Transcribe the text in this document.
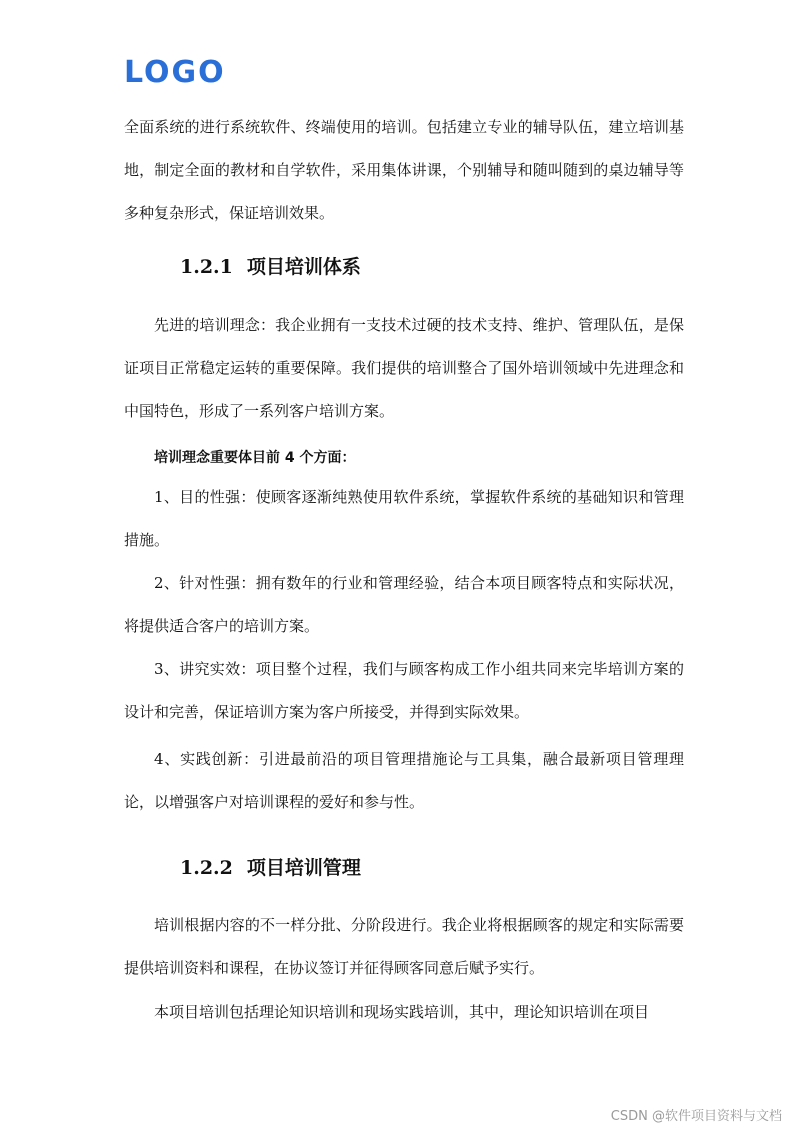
LOGO

全面系统的进行系统软件、终端使用的培训。包括建立专业的辅导队伍，建立培训基地，制定全面的教材和自学软件，采用集体讲课，个别辅导和随叫随到的桌边辅导等多种复杂形式，保证培训效果。

1.2.1 项目培训体系

先进的培训理念：我企业拥有一支技术过硬的技术支持、维护、管理队伍，是保证项目正常稳定运转的重要保障。我们提供的培训整合了国外培训领域中先进理念和中国特色，形成了一系列客户培训方案。

培训理念重要体目前 4 个方面：

1、目的性强：使顾客逐渐纯熟使用软件系统，掌握软件系统的基础知识和管理措施。

2、针对性强：拥有数年的行业和管理经验，结合本项目顾客特点和实际状况，将提供适合客户的培训方案。

3、讲究实效：项目整个过程，我们与顾客构成工作小组共同来完毕培训方案的设计和完善，保证培训方案为客户所接受，并得到实际效果。

4、实践创新：引进最前沿的项目管理措施论与工具集，融合最新项目管理理论，以增强客户对培训课程的爱好和参与性。

1.2.2 项目培训管理

培训根据内容的不一样分批、分阶段进行。我企业将根据顾客的规定和实际需要提供培训资料和课程，在协议签订并征得顾客同意后赋予实行。

本项目培训包括理论知识培训和现场实践培训，其中，理论知识培训在项目

CSDN @软件项目资料与文档
